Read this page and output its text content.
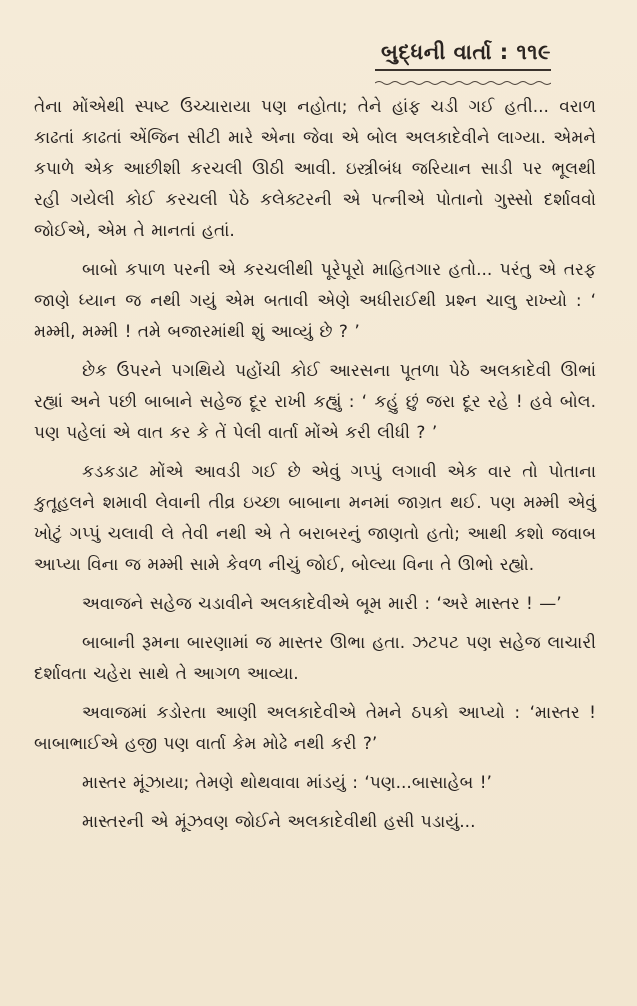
બુદ્ધની વાર્તા : ૧૧૯

તેના મોંએથી સ્પષ્ટ ઉચ્ચારાયા પણ નહોતા; તેને હાંફ ચડી ગઈ હતી... વરાળ કાઢતાં કાઢતાં એંજિન સીટી મારે એના જેવા એ બોલ અલકાદેવીને લાગ્યા. એમને કપાળે એક આછીશી કરચલી ઊઠી આવી. ઇસ્ત્રીબંધ જરિયાન સાડી પર ભૂલથી રહી ગયેલી કોઈ કરચલી પેઠે કલેક્ટરની એ પત્નીએ પોતાનો ગુસ્સો દર્શાવવો જોઈએ, એમ તે માનતાં હતાં.

બાબો કપાળ પરની એ કરચલીથી પૂરેપૂરો માહિતગાર હતો... પરંતુ એ તરફ જાણે ધ્યાન જ નથી ગયું એમ બતાવી એણે અધીરાઈથી પ્રશ્ન ચાલુ રાખ્યો : ‘ મમ્મી, મમ્મી ! તમે બજારમાંથી શું આવ્યું છે ? ’

છેક ઉપરને પગથિયે પહોંચી કોઈ આરસના પૂતળા પેઠે અલકાદેવી ઊભાં રહ્યાં અને પછી બાબાને સહેજ દૂર રાખી કહ્યું : ‘ કહું છું જરા દૂર રહે ! હવે બોલ. પણ પહેલાં એ વાત કર કે તેં પેલી વાર્તા મોંએ કરી લીધી ? ’

કડકડાટ મોંએ આવડી ગઈ છે એવું ગપ્પું લગાવી એક વાર તો પોતાના કુતૂહલને શમાવી લેવાની તીવ્ર ઇચ્છા બાબાના મનમાં જાગ્રત થઈ. પણ મમ્મી એવું ખોટું ગપ્પું ચલાવી લે તેવી નથી એ તે બરાબરનું જાણતો હતો; આથી કશો જવાબ આપ્યા વિના જ મમ્મી સામે કેવળ નીચું જોઈ, બોલ્યા વિના તે ઊભો રહ્યો.

અવાજને સહેજ ચડાવીને અલકાદેવીએ બૂમ મારી : ‘અરે માસ્તર ! —’

બાબાની રૂમના બારણામાં જ માસ્તર ઊભા હતા. ઝટપટ પણ સહેજ લાચારી દર્શાવતા ચહેરા સાથે તે આગળ આવ્યા.

અવાજમાં કડોરતા આણી અલકાદેવીએ તેમને ઠપકો આપ્યો : ‘માસ્તર ! બાબાભાઈએ હજી પણ વાર્તા કેમ મોઢે નથી કરી ?’

માસ્તર મૂંઝાયા; તેમણે થોથવાવા માંડયું : ‘પણ...બાસાહેબ !’

માસ્તરની એ મૂંઝવણ જોઈને અલકાદેવીથી હસી પડાયું...
